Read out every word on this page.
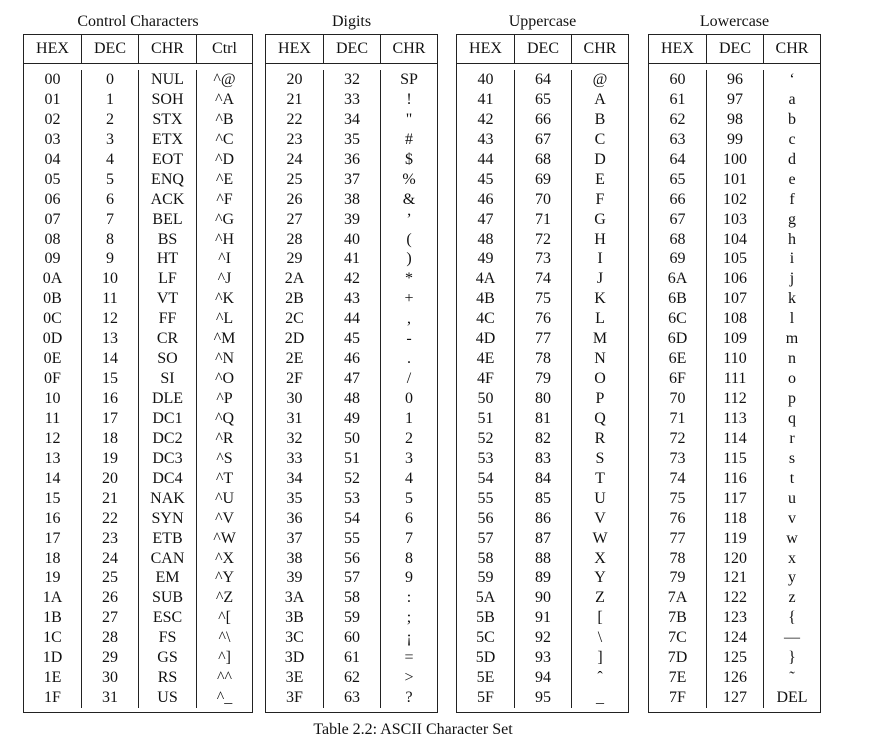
Control Characters
HEX	DEC	CHR	Ctrl
00	0	NUL	^@
01	1	SOH	^A
02	2	STX	^B
03	3	ETX	^C
04	4	EOT	^D
05	5	ENQ	^E
06	6	ACK	^F
07	7	BEL	^G
08	8	BS	^H
09	9	HT	^I
0A	10	LF	^J
0B	11	VT	^K
0C	12	FF	^L
0D	13	CR	^M
0E	14	SO	^N
0F	15	SI	^O
10	16	DLE	^P
11	17	DC1	^Q
12	18	DC2	^R
13	19	DC3	^S
14	20	DC4	^T
15	21	NAK	^U
16	22	SYN	^V
17	23	ETB	^W
18	24	CAN	^X
19	25	EM	^Y
1A	26	SUB	^Z
1B	27	ESC	^[
1C	28	FS	^\
1D	29	GS	^]
1E	30	RS	^^
1F	31	US	^_
Digits
HEX	DEC	CHR
20	32	SP
21	33	!
22	34	"
23	35	#
24	36	$
25	37	%
26	38	&
27	39	’
28	40	(
29	41	)
2A	42	*
2B	43	+
2C	44	,
2D	45	-
2E	46	.
2F	47	/
30	48	0
31	49	1
32	50	2
33	51	3
34	52	4
35	53	5
36	54	6
37	55	7
38	56	8
39	57	9
3A	58	:
3B	59	;
3C	60	¡
3D	61	=
3E	62	>
3F	63	?
Uppercase
HEX	DEC	CHR
40	64	@
41	65	A
42	66	B
43	67	C
44	68	D
45	69	E
46	70	F
47	71	G
48	72	H
49	73	I
4A	74	J
4B	75	K
4C	76	L
4D	77	M
4E	78	N
4F	79	O
50	80	P
51	81	Q
52	82	R
53	83	S
54	84	T
55	85	U
56	86	V
57	87	W
58	88	X
59	89	Y
5A	90	Z
5B	91	[
5C	92	\
5D	93	]
5E	94	ˆ
5F	95	_
Lowercase
HEX	DEC	CHR
60	96	‘
61	97	a
62	98	b
63	99	c
64	100	d
65	101	e
66	102	f
67	103	g
68	104	h
69	105	i
6A	106	j
6B	107	k
6C	108	l
6D	109	m
6E	110	n
6F	111	o
70	112	p
71	113	q
72	114	r
73	115	s
74	116	t
75	117	u
76	118	v
77	119	w
78	120	x
79	121	y
7A	122	z
7B	123	{
7C	124	—
7D	125	}
7E	126	˜
7F	127	DEL
Table 2.2: ASCII Character Set
